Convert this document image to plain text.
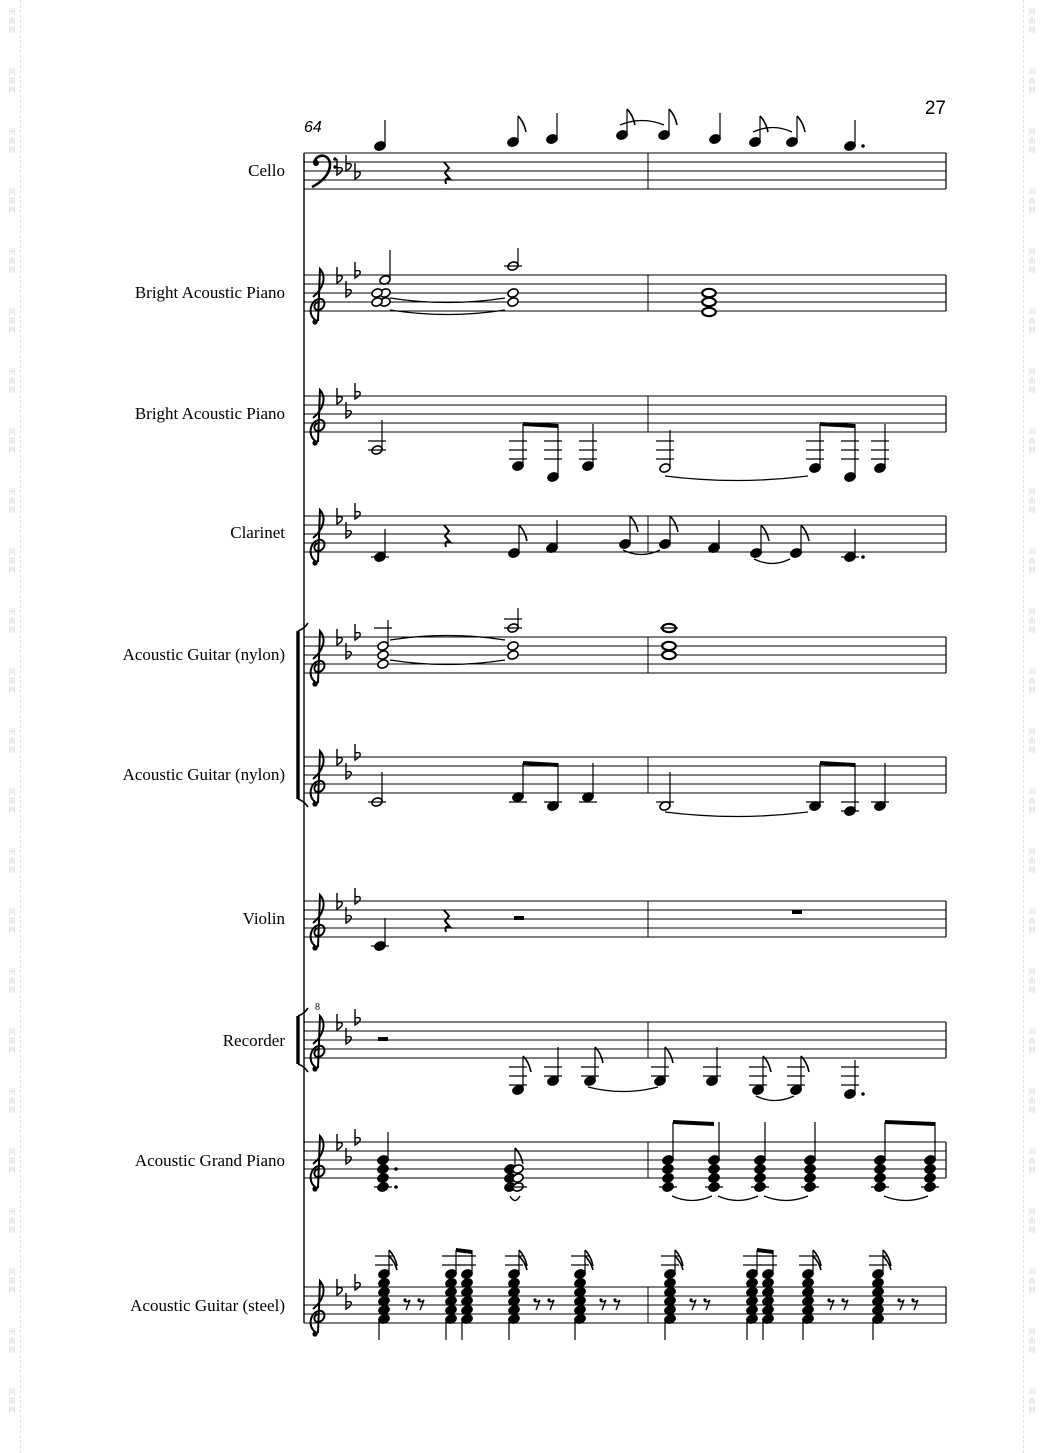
河
曲
网
河
曲
网
河
曲
网
河
曲
网
河
曲
网
河
曲
网
河
曲
网
河
曲
网
河
曲
网
河
曲
网
河
曲
网
河
曲
网
河
曲
网
河
曲
网
河
曲
网
河
曲
网
河
曲
网
河
曲
网
河
曲
网
河
曲
网
河
曲
网
河
曲
网
河
曲
网
河
曲
网
河
曲
网
河
曲
网
河
曲
网
河
曲
网
河
曲
网
河
曲
网
河
曲
网
河
曲
网
河
曲
网
河
曲
网
河
曲
网
河
曲
网
河
曲
网
河
曲
网
河
曲
网
河
曲
网
河
曲
网
河
曲
网
河
曲
网
河
曲
网
河
曲
网
河
曲
网
河
曲
网
河
曲
网
27
64
Cello
Bright Acoustic Piano
Bright Acoustic Piano
Clarinet
Acoustic Guitar (nylon)
Acoustic Guitar (nylon)
Violin
Recorder
Acoustic Grand Piano
Acoustic Guitar (steel)
8
